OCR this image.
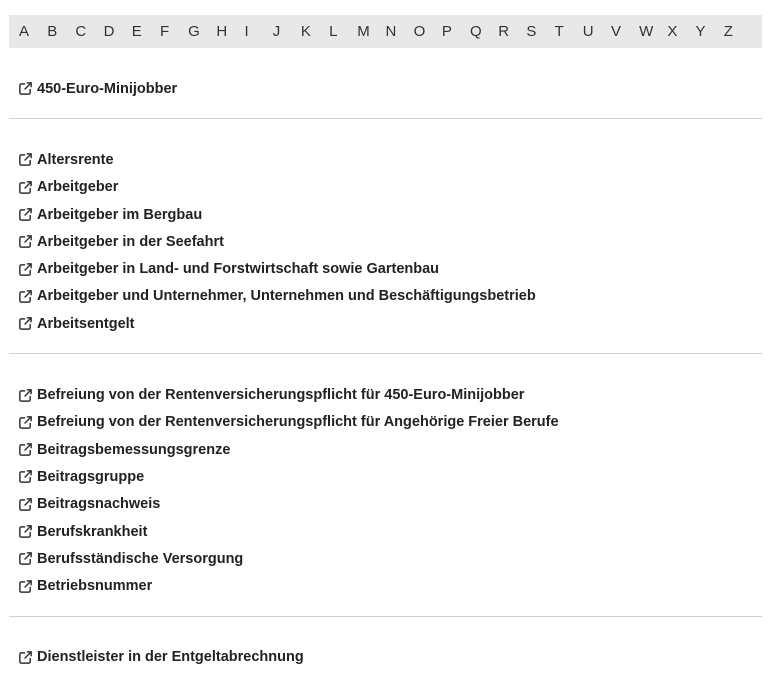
A	B	C	D	E	F	G	H	I	J	K	L	M	N	O	P	Q	R	S	T	U	V	W X	Y	Z
450-Euro-Minijobber
Altersrente
Arbeitgeber
Arbeitgeber im Bergbau
Arbeitgeber in der Seefahrt
Arbeitgeber in Land- und Forstwirtschaft sowie Gartenbau
Arbeitgeber und Unternehmer, Unternehmen und Beschäftigungsbetrieb
Arbeitsentgelt
Befreiung von der Rentenversicherungspflicht für 450-Euro-Minijobber
Befreiung von der Rentenversicherungspflicht für Angehörige Freier Berufe
Beitragsbemessungsgrenze
Beitragsgruppe
Beitragsnachweis
Berufskrankheit
Berufsständische Versorgung
Betriebsnummer
Dienstleister in der Entgeltabrechnung
